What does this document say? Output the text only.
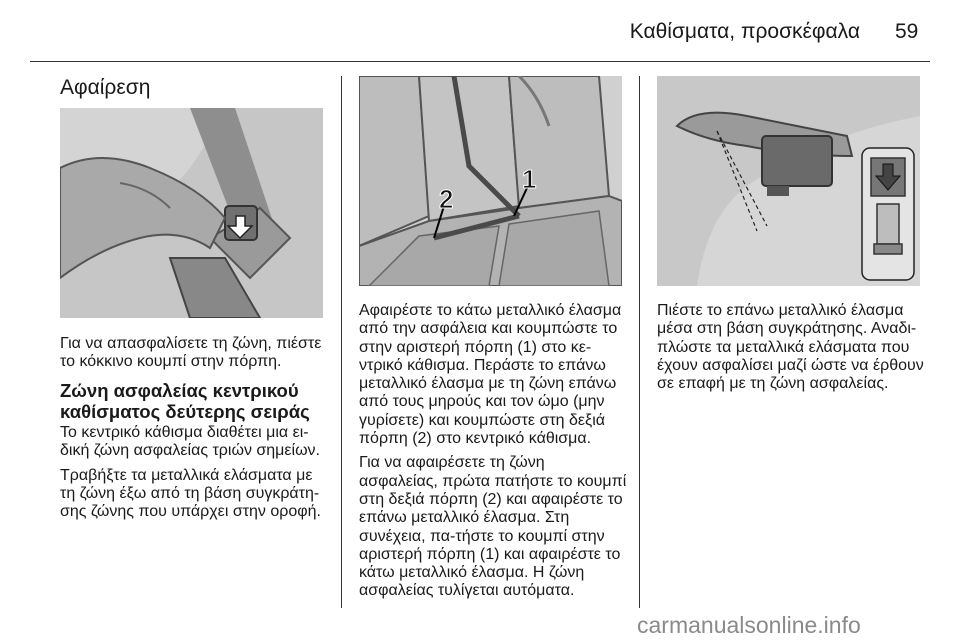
Καθίσματα, προσκέφαλα 59
Αφαίρεση
Για να απασφαλίσετε τη ζώνη, πιέστε το κόκκινο κουμπί στην πόρπη.
Ζώνη ασφαλείας κεντρικού καθίσματος δεύτερης σειράς

Το κεντρικό κάθισμα διαθέτει μια ει-δική ζώνη ασφαλείας τριών σημείων.

Τραβήξτε τα μεταλλικά ελάσματα με τη ζώνη έξω από τη βάση συγκράτη-σης ζώνης που υπάρχει στην οροφή.

2
1

Αφαιρέστε το κάτω μεταλλικό έλασμα από την ασφάλεια και κουμπώστε το στην αριστερή πόρπη (1) στο κε-ντρικό κάθισμα. Περάστε το επάνω μεταλλικό έλασμα με τη ζώνη επάνω από τους μηρούς και τον ώμο (μην γυρίσετε) και κουμπώστε στη δεξιά πόρπη (2) στο κεντρικό κάθισμα.

Για να αφαιρέσετε τη ζώνη ασφαλείας, πρώτα πατήστε το κουμπί στη δεξιά πόρπη (2) και αφαιρέστε το επάνω μεταλλικό έλασμα. Στη συνέχεια, πα-τήστε το κουμπί στην αριστερή πόρπη (1) και αφαιρέστε το κάτω μεταλλικό έλασμα. Η ζώνη ασφαλείας τυλίγεται αυτόματα.

Πιέστε το επάνω μεταλλικό έλασμα μέσα στη βάση συγκράτησης. Αναδι-πλώστε τα μεταλλικά ελάσματα που έχουν ασφαλίσει μαζί ώστε να έρθουν σε επαφή με τη ζώνη ασφαλείας.

carmanualsonline.info
